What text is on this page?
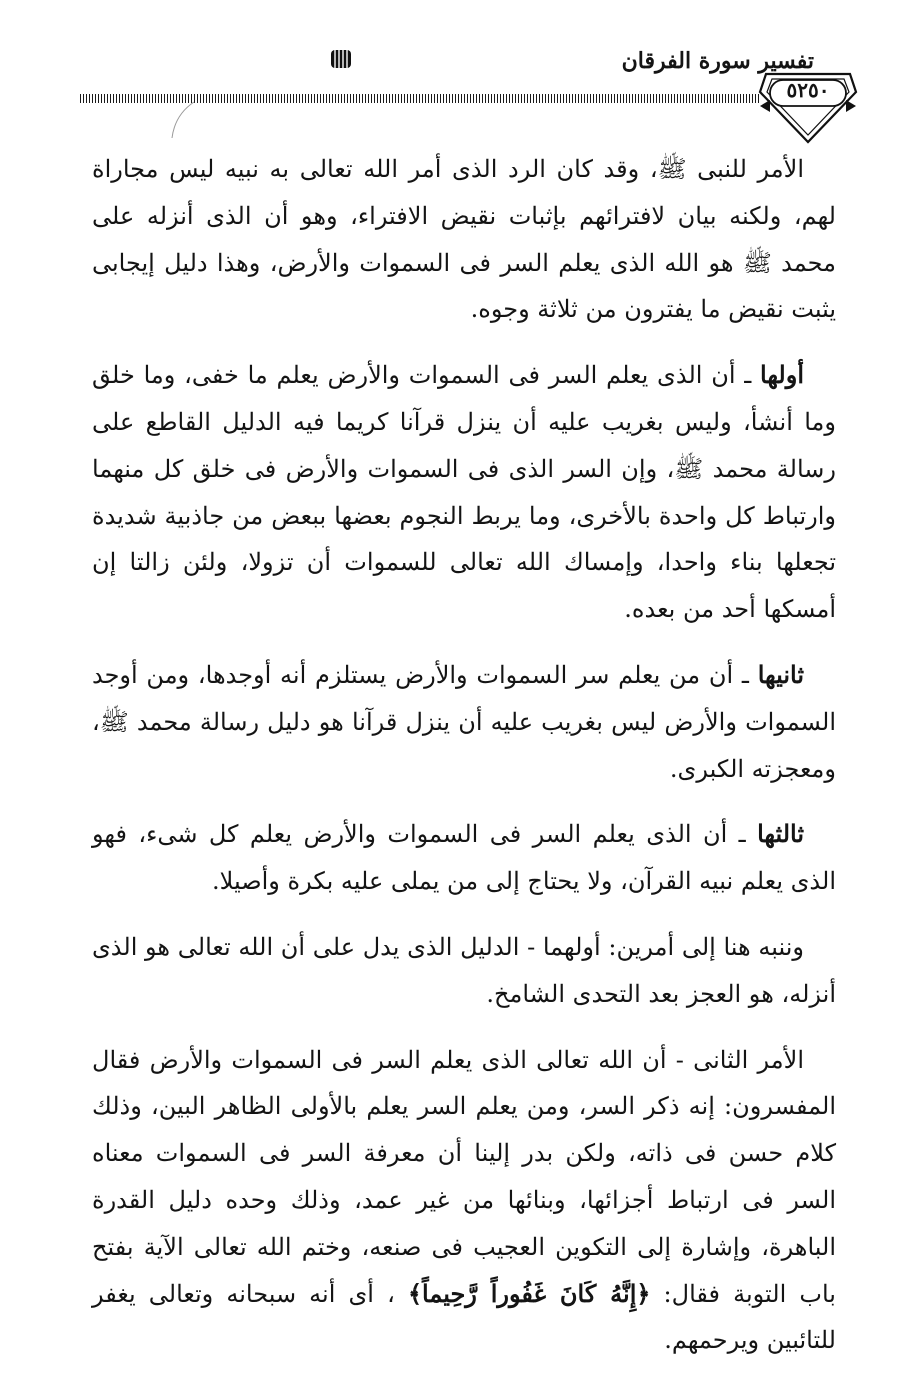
تفسير سورة الفرقان
٥٢٥٠

الأمر للنبى ﷺ، وقد كان الرد الذى أمر الله تعالى به نبيه ليس مجاراة لهم، ولكنه بيان لافترائهم بإثبات نقيض الافتراء، وهو أن الذى أنزله على محمد ﷺ هو الله الذى يعلم السر فى السموات والأرض، وهذا دليل إيجابى يثبت نقيض ما يفترون من ثلاثة وجوه.

أولها ـ أن الذى يعلم السر فى السموات والأرض يعلم ما خفى، وما خلق وما أنشأ، وليس بغريب عليه أن ينزل قرآنا كريما فيه الدليل القاطع على رسالة محمد ﷺ، وإن السر الذى فى السموات والأرض فى خلق كل منهما وارتباط كل واحدة بالأخرى، وما يربط النجوم بعضها ببعض من جاذبية شديدة تجعلها بناء واحدا، وإمساك الله تعالى للسموات أن تزولا، ولئن زالتا إن أمسكها أحد من بعده.

ثانيها ـ أن من يعلم سر السموات والأرض يستلزم أنه أوجدها، ومن أوجد السموات والأرض ليس بغريب عليه أن ينزل قرآنا هو دليل رسالة محمد ﷺ، ومعجزته الكبرى.

ثالثها ـ أن الذى يعلم السر فى السموات والأرض يعلم كل شىء، فهو الذى يعلم نبيه القرآن، ولا يحتاج إلى من يملى عليه بكرة وأصيلا.

وننبه هنا إلى أمرين: أولهما - الدليل الذى يدل على أن الله تعالى هو الذى أنزله، هو العجز بعد التحدى الشامخ.

الأمر الثانى - أن الله تعالى الذى يعلم السر فى السموات والأرض فقال المفسرون: إنه ذكر السر، ومن يعلم السر يعلم بالأولى الظاهر البين، وذلك كلام حسن فى ذاته، ولكن بدر إلينا أن معرفة السر فى السموات معناه السر فى ارتباط أجزائها، وبنائها من غير عمد، وذلك وحده دليل القدرة الباهرة، وإشارة إلى التكوين العجيب فى صنعه، وختم الله تعالى الآية بفتح باب التوبة فقال: ﴿إِنَّهُ كَانَ غَفُوراً رَّحِيماً﴾ ، أى أنه سبحانه وتعالى يغفر للتائبين ويرحمهم.
